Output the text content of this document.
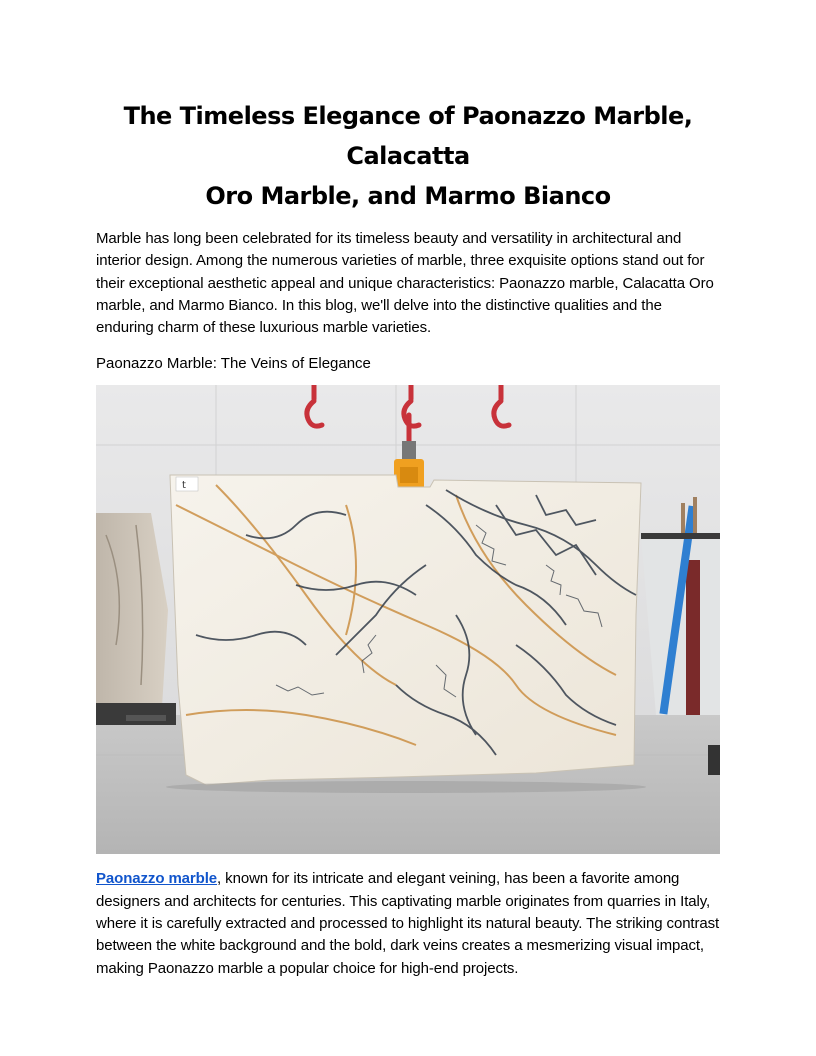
The Timeless Elegance of Paonazzo Marble, Calacatta
Oro Marble, and Marmo Bianco

Marble has long been celebrated for its timeless beauty and versatility in architectural and interior design. Among the numerous varieties of marble, three exquisite options stand out for their exceptional aesthetic appeal and unique characteristics: Paonazzo marble, Calacatta Oro marble, and Marmo Bianco. In this blog, we'll delve into the distinctive qualities and the enduring charm of these luxurious marble varieties.

Paonazzo Marble: The Veins of Elegance

t

Paonazzo marble, known for its intricate and elegant veining, has been a favorite among designers and architects for centuries. This captivating marble originates from quarries in Italy, where it is carefully extracted and processed to highlight its natural beauty. The striking contrast between the white background and the bold, dark veins creates a mesmerizing visual impact, making Paonazzo marble a popular choice for high-end projects.
